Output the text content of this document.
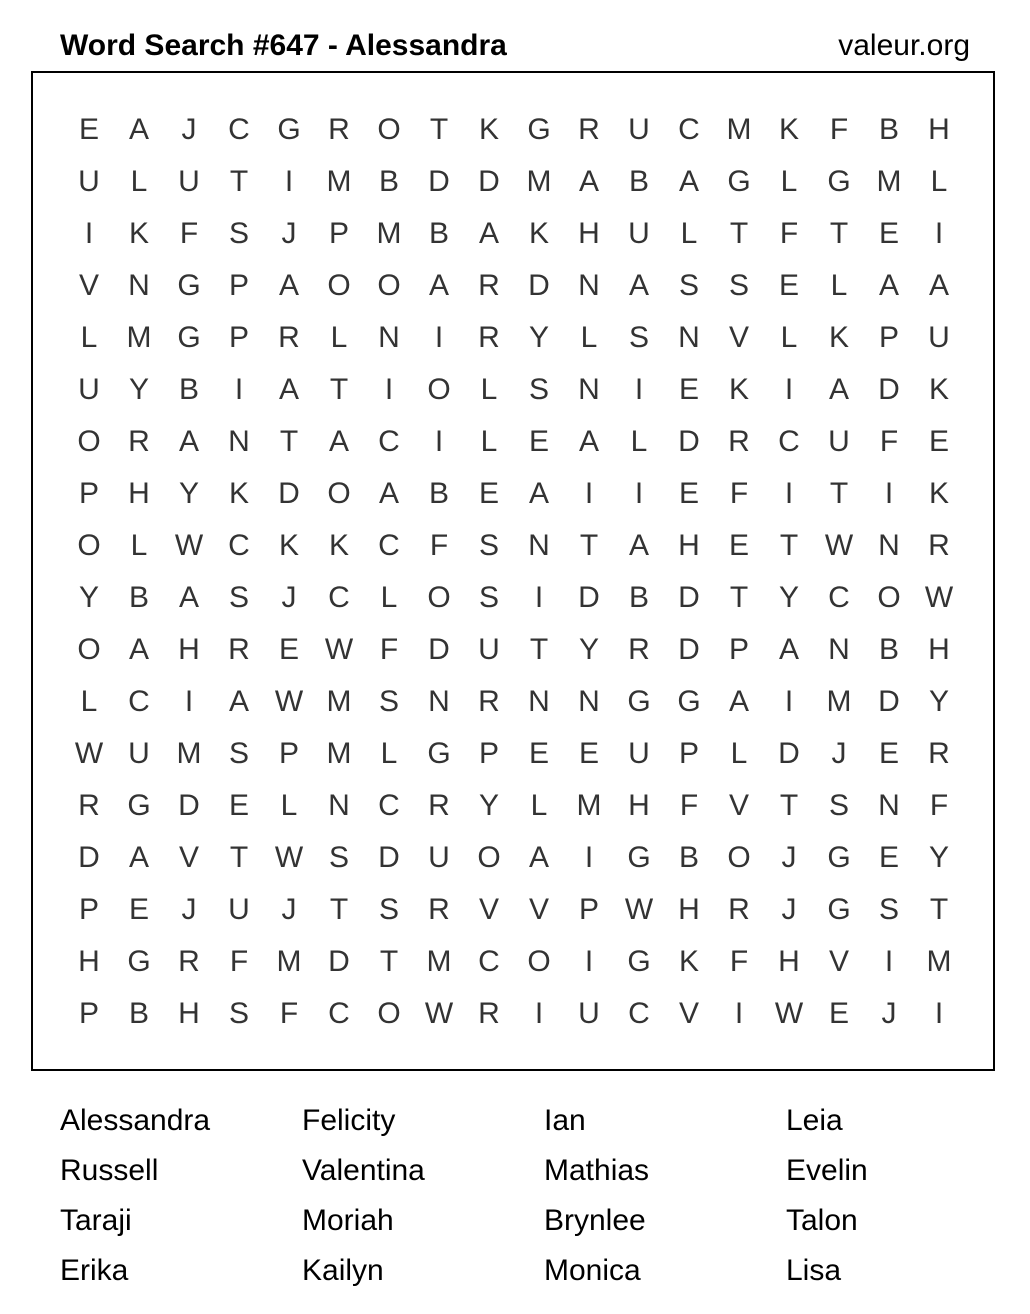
Word Search #647 - Alessandra	valeur.org
E A	J	C G R O T	K G R U C M K	F	B H
U	L	U	T	I	M B D D M A B A G L G M L
I	K	F	S	J	P M B A K H U	L	T	F	T	E	I
V N G P A O O A R D N A S S E	L	A A
L M G P R	L	N	I	R Y	L	S N V	L	K P U
U Y B	I	A	T	I	O L	S N	I	E K	I	A D K
O R A N	T	A C	I	L	E A	L	D R C U	F	E
P H Y K D O A B E A	I	I	E	F	I	T	I	K
O L W C K K C	F	S N	T	A H E	T W N R
Y B A S	J	C	L O S	I	D B D	T	Y C O W
O A H R E W F	D U	T	Y R D P A N B H
L	C	I	A W M S N R N N G G A	I	M D Y
W U M S P M L G P E E U P	L	D	J	E R
R G D E	L	N C R Y	L M H	F	V	T	S N	F
D A V	T W S D U O A	I	G B O	J	G E Y
P E	J	U	J	T	S R V V P W H R	J	G S	T
H G R	F M D	T M C O	I	G K	F	H V	I	M
P B H S	F	C O W R	I	U C V	I	W E	J	I
Alessandra	Felicity	Ian	Leia
Russell	Valentina	Mathias	Evelin
Taraji	Moriah	Brynlee	Talon
Erika	Kailyn	Monica	Lisa
